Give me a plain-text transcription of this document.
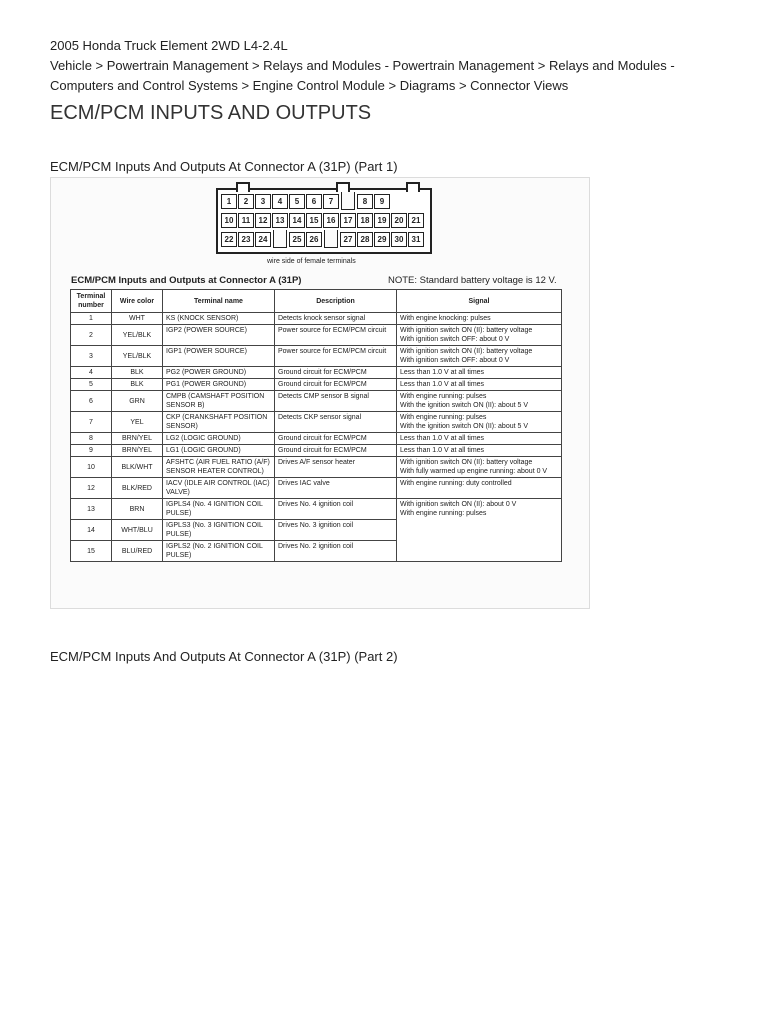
2005 Honda Truck Element 2WD L4-2.4L
Vehicle > Powertrain Management > Relays and Modules - Powertrain Management > Relays and Modules - Computers and Control Systems > Engine Control Module > Diagrams > Connector Views
ECM/PCM INPUTS AND OUTPUTS
ECM/PCM Inputs And Outputs At Connector A (31P) (Part 1)
1	2	3	4	5	6	7	8	9
10	11	12	13	14	15	16	17	18	19	20	21
22	23	24	25	26	27	28	29	30	31
wire side of female terminals
ECM/PCM Inputs and Outputs at Connector A (31P)	NOTE: Standard battery voltage is 12 V.
Terminal number	Wire color	Terminal name	Description	Signal
1	WHT	KS (KNOCK SENSOR)	Detects knock sensor signal	With engine knocking: pulses
2	YEL/BLK	IGP2 (POWER SOURCE)	Power source for ECM/PCM circuit	With ignition switch ON (II): battery voltage
With ignition switch OFF: about 0 V
3	YEL/BLK	IGP1 (POWER SOURCE)	Power source for ECM/PCM circuit	With ignition switch ON (II): battery voltage
With ignition switch OFF: about 0 V
4	BLK	PG2 (POWER GROUND)	Ground circuit for ECM/PCM	Less than 1.0 V at all times
5	BLK	PG1 (POWER GROUND)	Ground circuit for ECM/PCM	Less than 1.0 V at all times
6	GRN	CMPB (CAMSHAFT POSITION SENSOR B)	Detects CMP sensor B signal	With engine running: pulses
With the ignition switch ON (II): about 5 V
7	YEL	CKP (CRANKSHAFT POSITION SENSOR)	Detects CKP sensor signal	With engine running: pulses
With the ignition switch ON (II): about 5 V
8	BRN/YEL	LG2 (LOGIC GROUND)	Ground circuit for ECM/PCM	Less than 1.0 V at all times
9	BRN/YEL	LG1 (LOGIC GROUND)	Ground circuit for ECM/PCM	Less than 1.0 V at all times
10	BLK/WHT	AFSHTC (AIR FUEL RATIO (A/F) SENSOR HEATER CONTROL)	Drives A/F sensor heater	With ignition switch ON (II): battery voltage
With fully warmed up engine running: about 0 V
12	BLK/RED	IACV (IDLE AIR CONTROL (IAC) VALVE)	Drives IAC valve	With engine running: duty controlled
13	BRN	IGPLS4 (No. 4 IGNITION COIL PULSE)	Drives No. 4 ignition coil	With ignition switch ON (II): about 0 V
With engine running: pulses
14	WHT/BLU	IGPLS3 (No. 3 IGNITION COIL PULSE)	Drives No. 3 ignition coil	
15	BLU/RED	IGPLS2 (No. 2 IGNITION COIL PULSE)	Drives No. 2 ignition coil	
ECM/PCM Inputs And Outputs At Connector A (31P) (Part 2)
